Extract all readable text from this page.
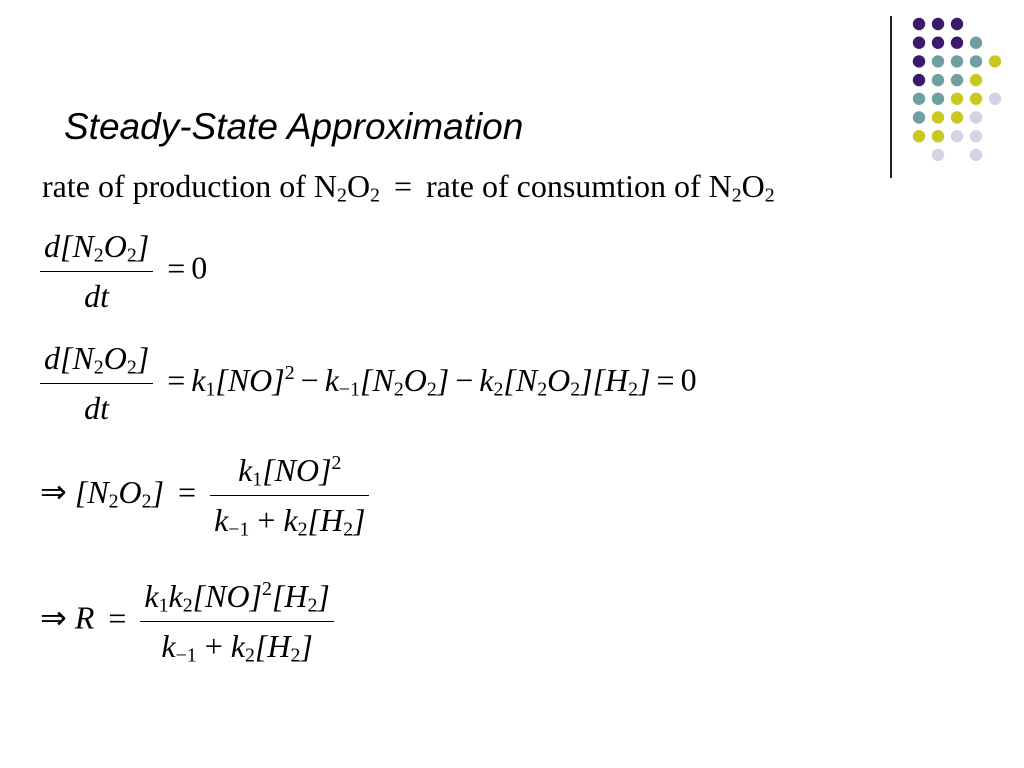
Steady-State Approximation
rate of production of $N_2O_2$ = rate of consumtion of $N_2O_2$
$\frac{d[N_2O_2]}{dt} = 0$
$\frac{d[N_2O_2]}{dt} = k_1[NO]^2 - k_{-1}[N_2O_2] - k_2[N_2O_2][H_2] = 0$
⇒ $[N_2O_2] = \frac{k_1[NO]^2}{k_{-1} + k_2[H_2]}$
⇒ $R = \frac{k_1k_2[NO]^2[H_2]}{k_{-1} + k_2[H_2]}$
